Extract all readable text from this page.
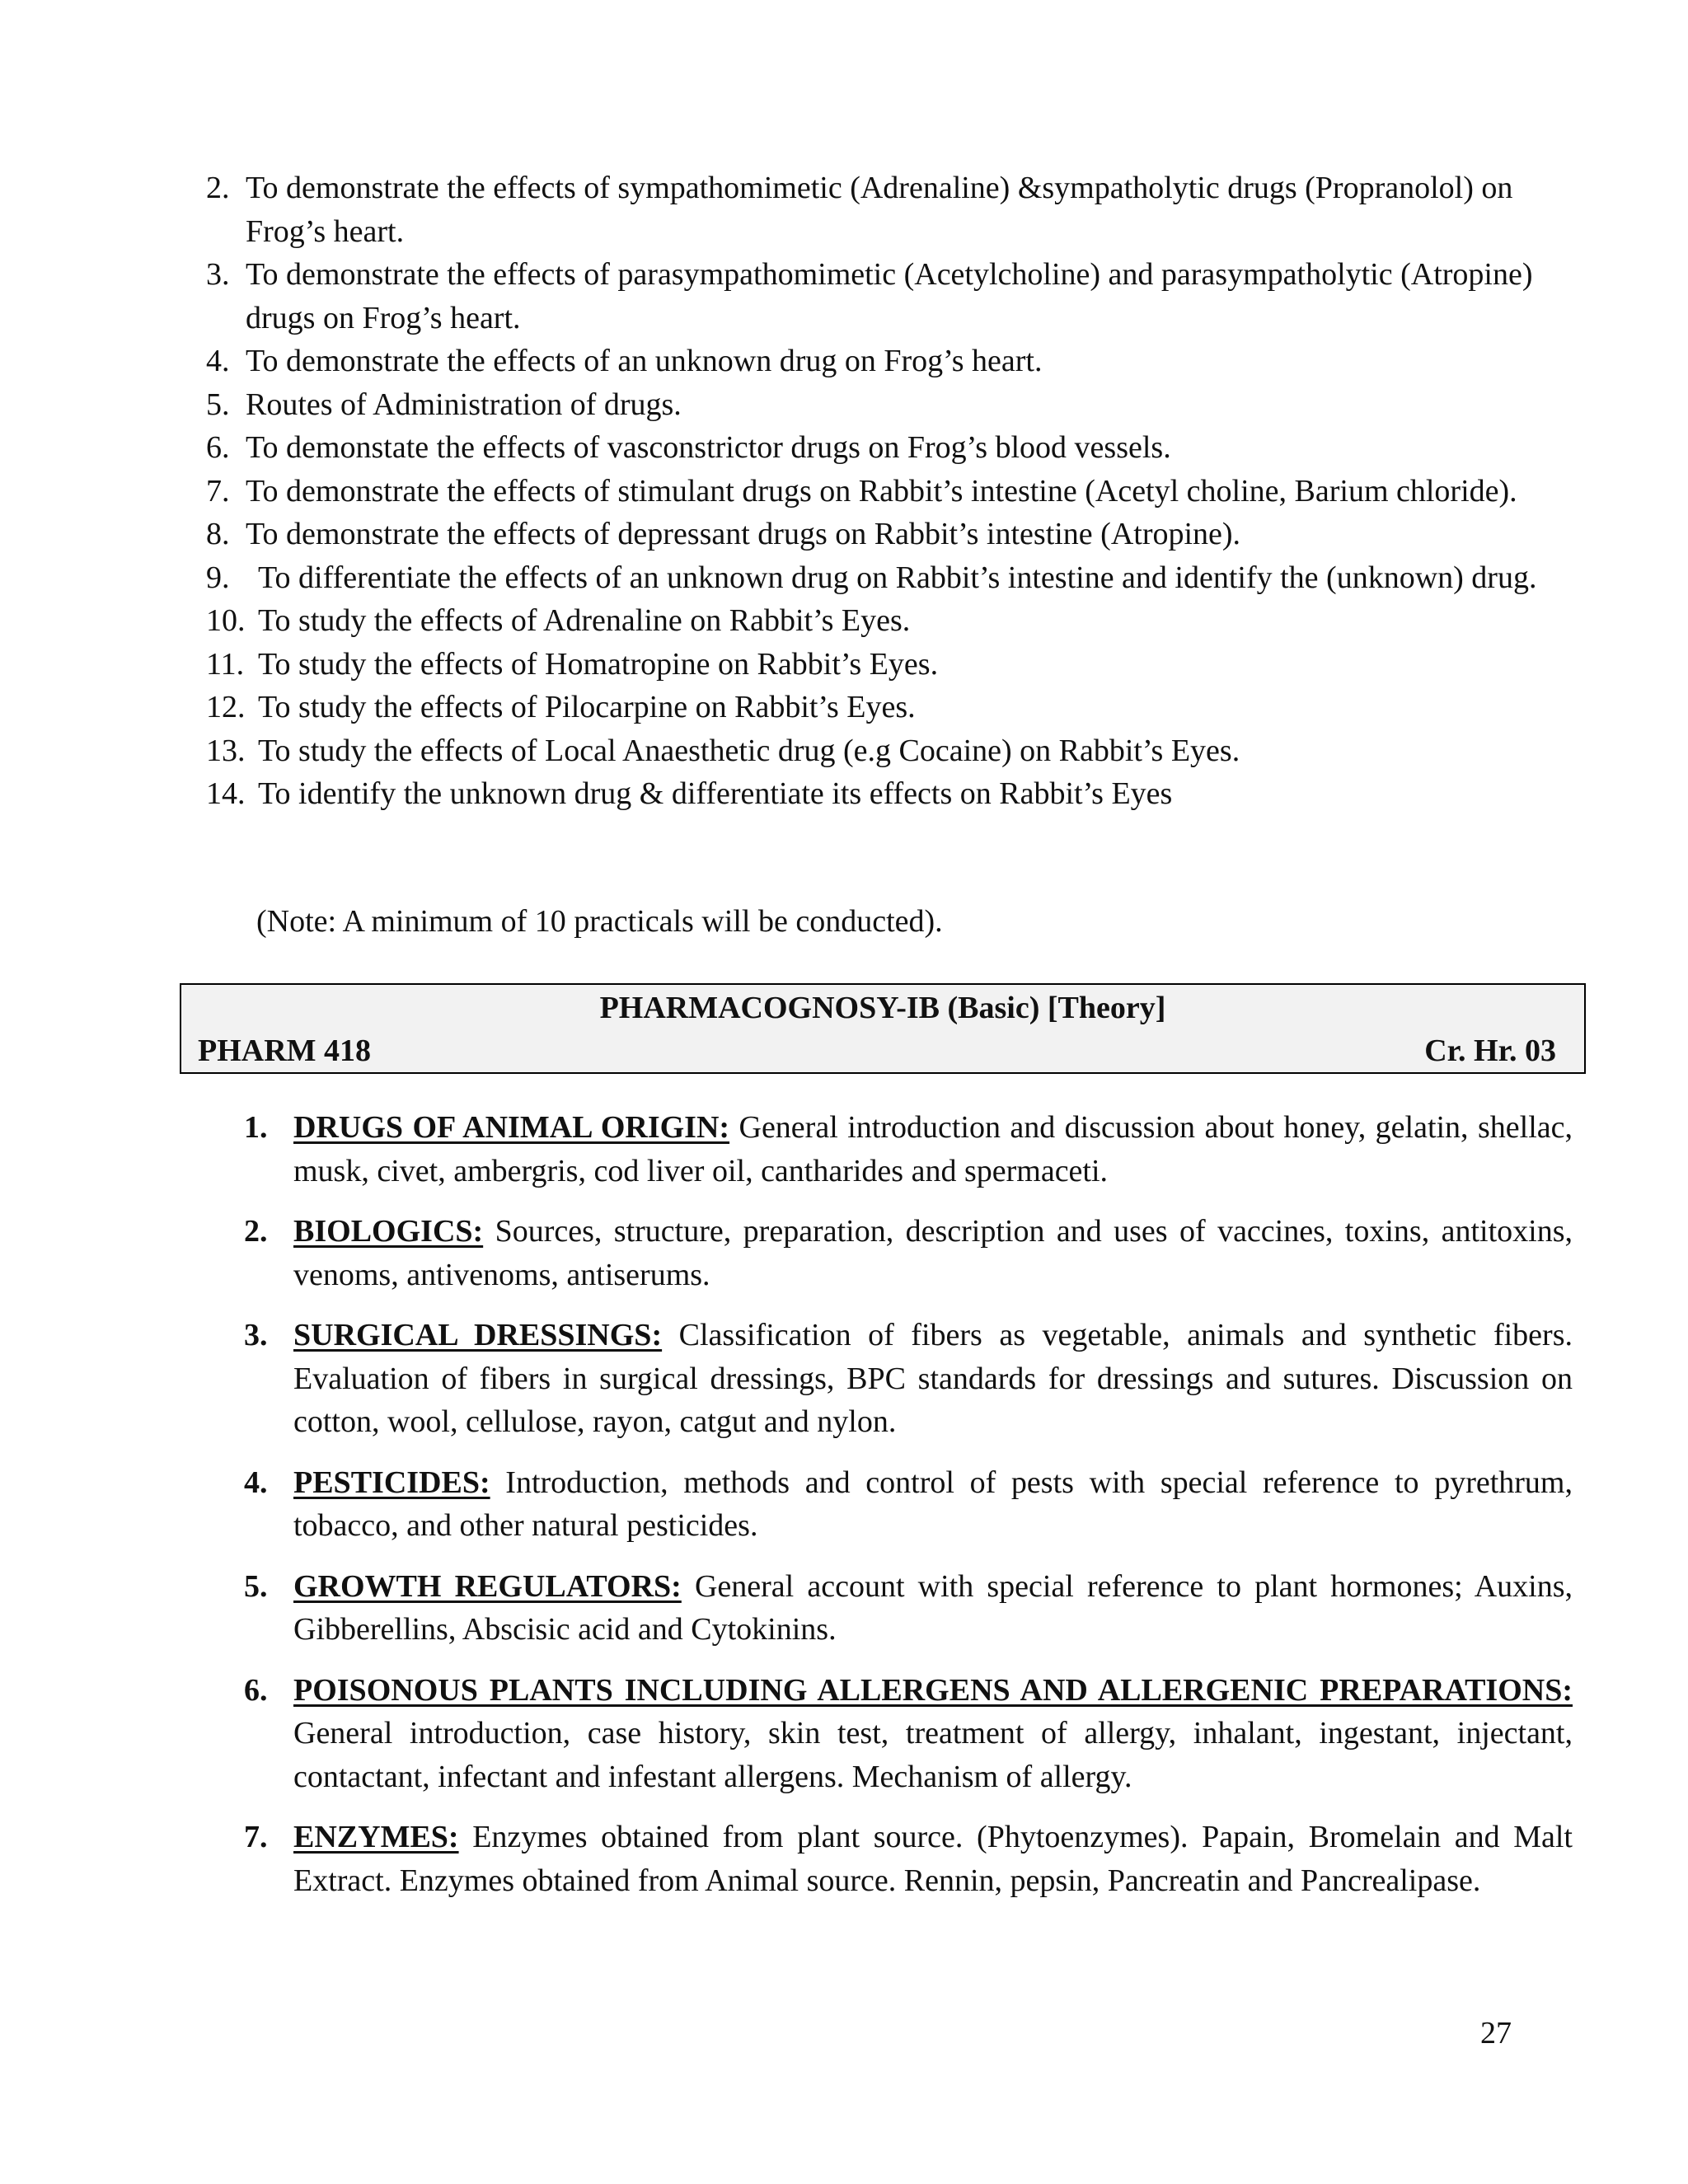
2. To demonstrate the effects of sympathomimetic (Adrenaline) &sympatholytic drugs (Propranolol) on Frog’s heart.
3. To demonstrate the effects of parasympathomimetic (Acetylcholine) and parasympatholytic (Atropine) drugs on Frog’s heart.
4. To demonstrate the effects of an unknown drug on Frog’s heart.
5. Routes of Administration of drugs.
6. To demonstate the effects of vasconstrictor drugs on Frog’s blood vessels.
7. To demonstrate the effects of stimulant drugs on Rabbit’s intestine (Acetyl choline, Barium chloride).
8. To demonstrate the effects of depressant drugs on Rabbit’s intestine (Atropine).
9. To differentiate the effects of an unknown drug on Rabbit’s intestine and identify the (unknown) drug.
10. To study the effects of Adrenaline on Rabbit’s Eyes.
11. To study the effects of Homatropine on Rabbit’s Eyes.
12. To study the effects of Pilocarpine on Rabbit’s Eyes.
13. To study the effects of Local Anaesthetic drug (e.g Cocaine) on Rabbit’s Eyes.
14. To identify the unknown drug & differentiate its effects on Rabbit’s Eyes
(Note: A minimum of 10 practicals will be conducted).
PHARMACOGNOSY-IB (Basic) [Theory]
PHARM 418	Cr. Hr. 03
1. DRUGS OF ANIMAL ORIGIN: General introduction and discussion about honey, gelatin, shellac, musk, civet, ambergris, cod liver oil, cantharides and spermaceti.
2. BIOLOGICS: Sources, structure, preparation, description and uses of vaccines, toxins, antitoxins, venoms, antivenoms, antiserums.
3. SURGICAL DRESSINGS: Classification of fibers as vegetable, animals and synthetic fibers. Evaluation of fibers in surgical dressings, BPC standards for dressings and sutures. Discussion on cotton, wool, cellulose, rayon, catgut and nylon.
4. PESTICIDES: Introduction, methods and control of pests with special reference to pyrethrum, tobacco, and other natural pesticides.
5. GROWTH REGULATORS: General account with special reference to plant hormones; Auxins, Gibberellins, Abscisic acid and Cytokinins.
6. POISONOUS PLANTS INCLUDING ALLERGENS AND ALLERGENIC PREPARATIONS: General introduction, case history, skin test, treatment of allergy, inhalant, ingestant, injectant, contactant, infectant and infestant allergens. Mechanism of allergy.
7. ENZYMES: Enzymes obtained from plant source. (Phytoenzymes). Papain, Bromelain and Malt Extract. Enzymes obtained from Animal source. Rennin, pepsin, Pancreatin and Pancrealipase.
27
